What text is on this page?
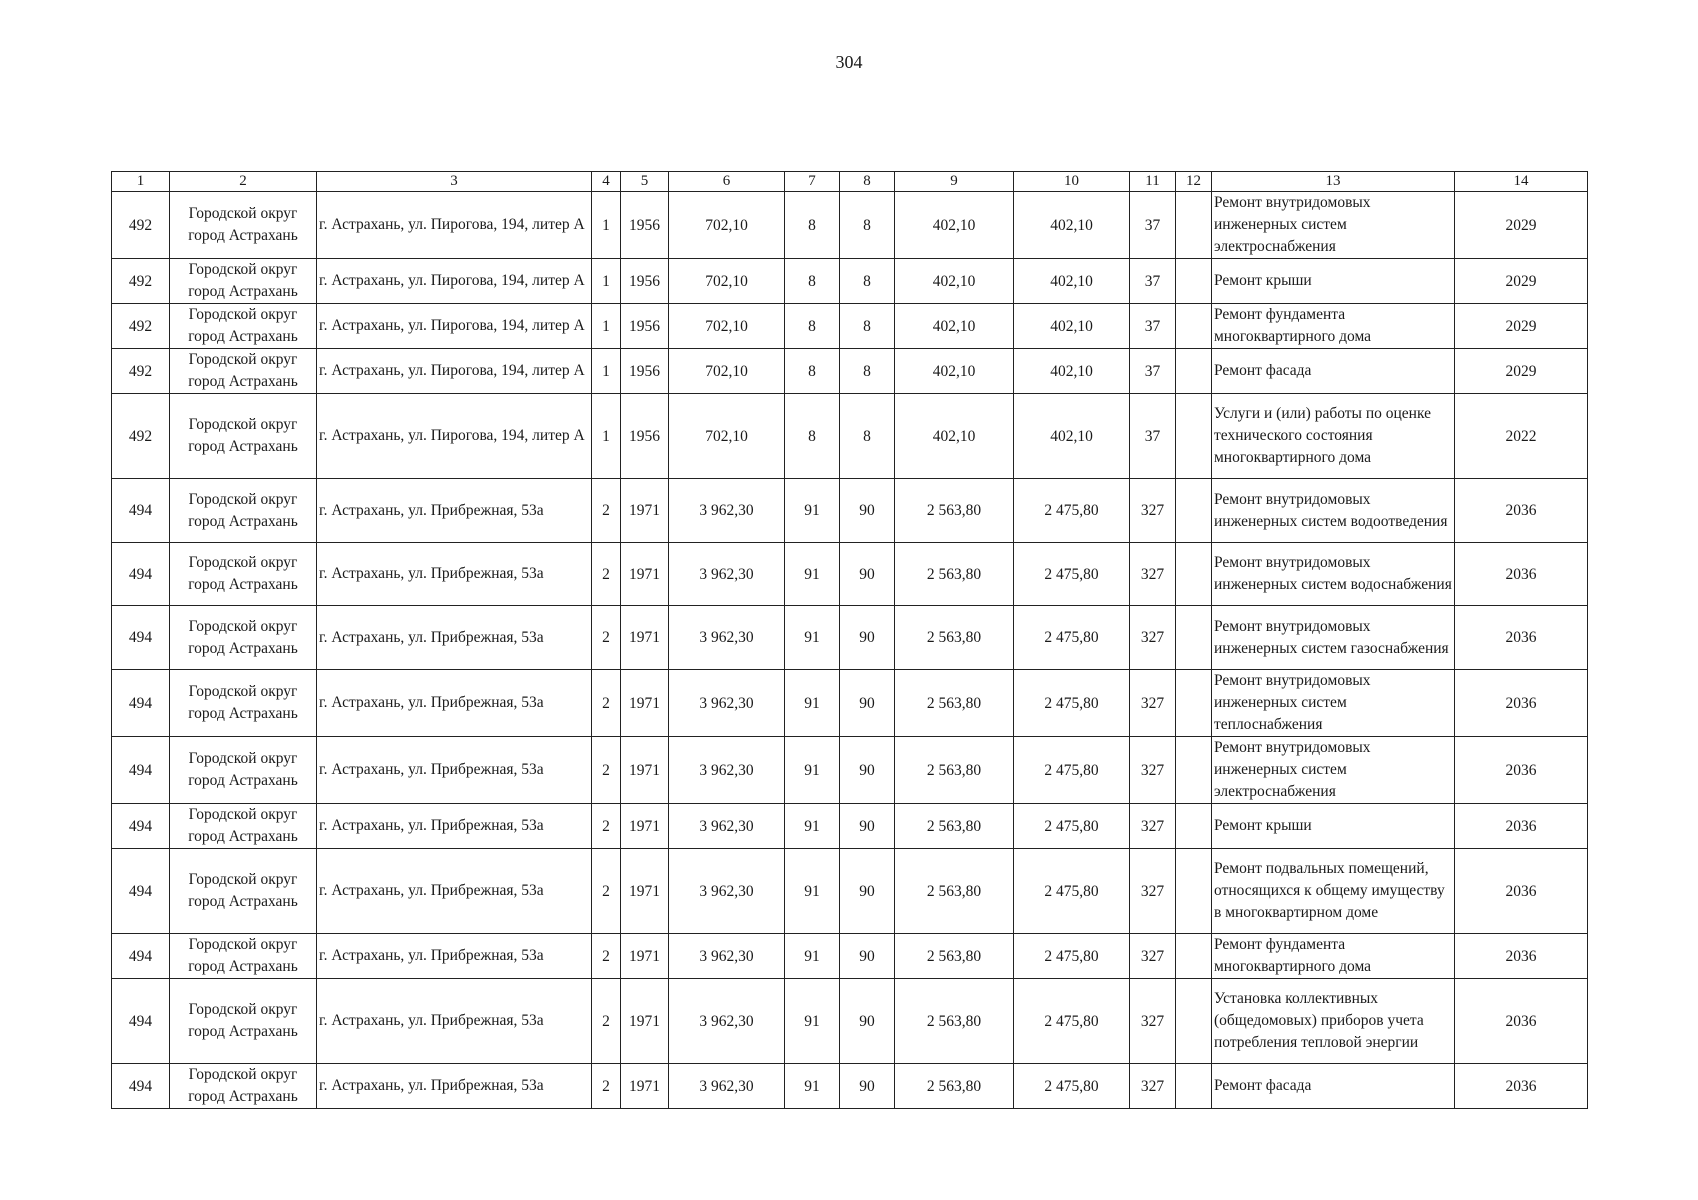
304
1	2	3	4	5	6	7	8	9	10	11	12	13	14
492	Городской округ город Астрахань	г. Астрахань, ул. Пирогова, 194, литер А	1	1956	702,10	8	8	402,10	402,10	37		Ремонт внутридомовых инженерных систем электроснабжения	2029
492	Городской округ город Астрахань	г. Астрахань, ул. Пирогова, 194, литер А	1	1956	702,10	8	8	402,10	402,10	37		Ремонт крыши	2029
492	Городской округ город Астрахань	г. Астрахань, ул. Пирогова, 194, литер А	1	1956	702,10	8	8	402,10	402,10	37		Ремонт фундамента многоквартирного дома	2029
492	Городской округ город Астрахань	г. Астрахань, ул. Пирогова, 194, литер А	1	1956	702,10	8	8	402,10	402,10	37		Ремонт фасада	2029
492	Городской округ город Астрахань	г. Астрахань, ул. Пирогова, 194, литер А	1	1956	702,10	8	8	402,10	402,10	37		Услуги и (или) работы по оценке технического состояния многоквартирного дома	2022
494	Городской округ город Астрахань	г. Астрахань, ул. Прибрежная, 53а	2	1971	3 962,30	91	90	2 563,80	2 475,80	327		Ремонт внутридомовых инженерных систем водоотведения	2036
494	Городской округ город Астрахань	г. Астрахань, ул. Прибрежная, 53а	2	1971	3 962,30	91	90	2 563,80	2 475,80	327		Ремонт внутридомовых инженерных систем водоснабжения	2036
494	Городской округ город Астрахань	г. Астрахань, ул. Прибрежная, 53а	2	1971	3 962,30	91	90	2 563,80	2 475,80	327		Ремонт внутридомовых инженерных систем газоснабжения	2036
494	Городской округ город Астрахань	г. Астрахань, ул. Прибрежная, 53а	2	1971	3 962,30	91	90	2 563,80	2 475,80	327		Ремонт внутридомовых инженерных систем теплоснабжения	2036
494	Городской округ город Астрахань	г. Астрахань, ул. Прибрежная, 53а	2	1971	3 962,30	91	90	2 563,80	2 475,80	327		Ремонт внутридомовых инженерных систем электроснабжения	2036
494	Городской округ город Астрахань	г. Астрахань, ул. Прибрежная, 53а	2	1971	3 962,30	91	90	2 563,80	2 475,80	327		Ремонт крыши	2036
494	Городской округ город Астрахань	г. Астрахань, ул. Прибрежная, 53а	2	1971	3 962,30	91	90	2 563,80	2 475,80	327		Ремонт подвальных помещений, относящихся к общему имуществу в многоквартирном доме	2036
494	Городской округ город Астрахань	г. Астрахань, ул. Прибрежная, 53а	2	1971	3 962,30	91	90	2 563,80	2 475,80	327		Ремонт фундамента многоквартирного дома	2036
494	Городской округ город Астрахань	г. Астрахань, ул. Прибрежная, 53а	2	1971	3 962,30	91	90	2 563,80	2 475,80	327		Установка коллективных (общедомовых) приборов учета потребления тепловой энергии	2036
494	Городской округ город Астрахань	г. Астрахань, ул. Прибрежная, 53а	2	1971	3 962,30	91	90	2 563,80	2 475,80	327		Ремонт фасада	2036
